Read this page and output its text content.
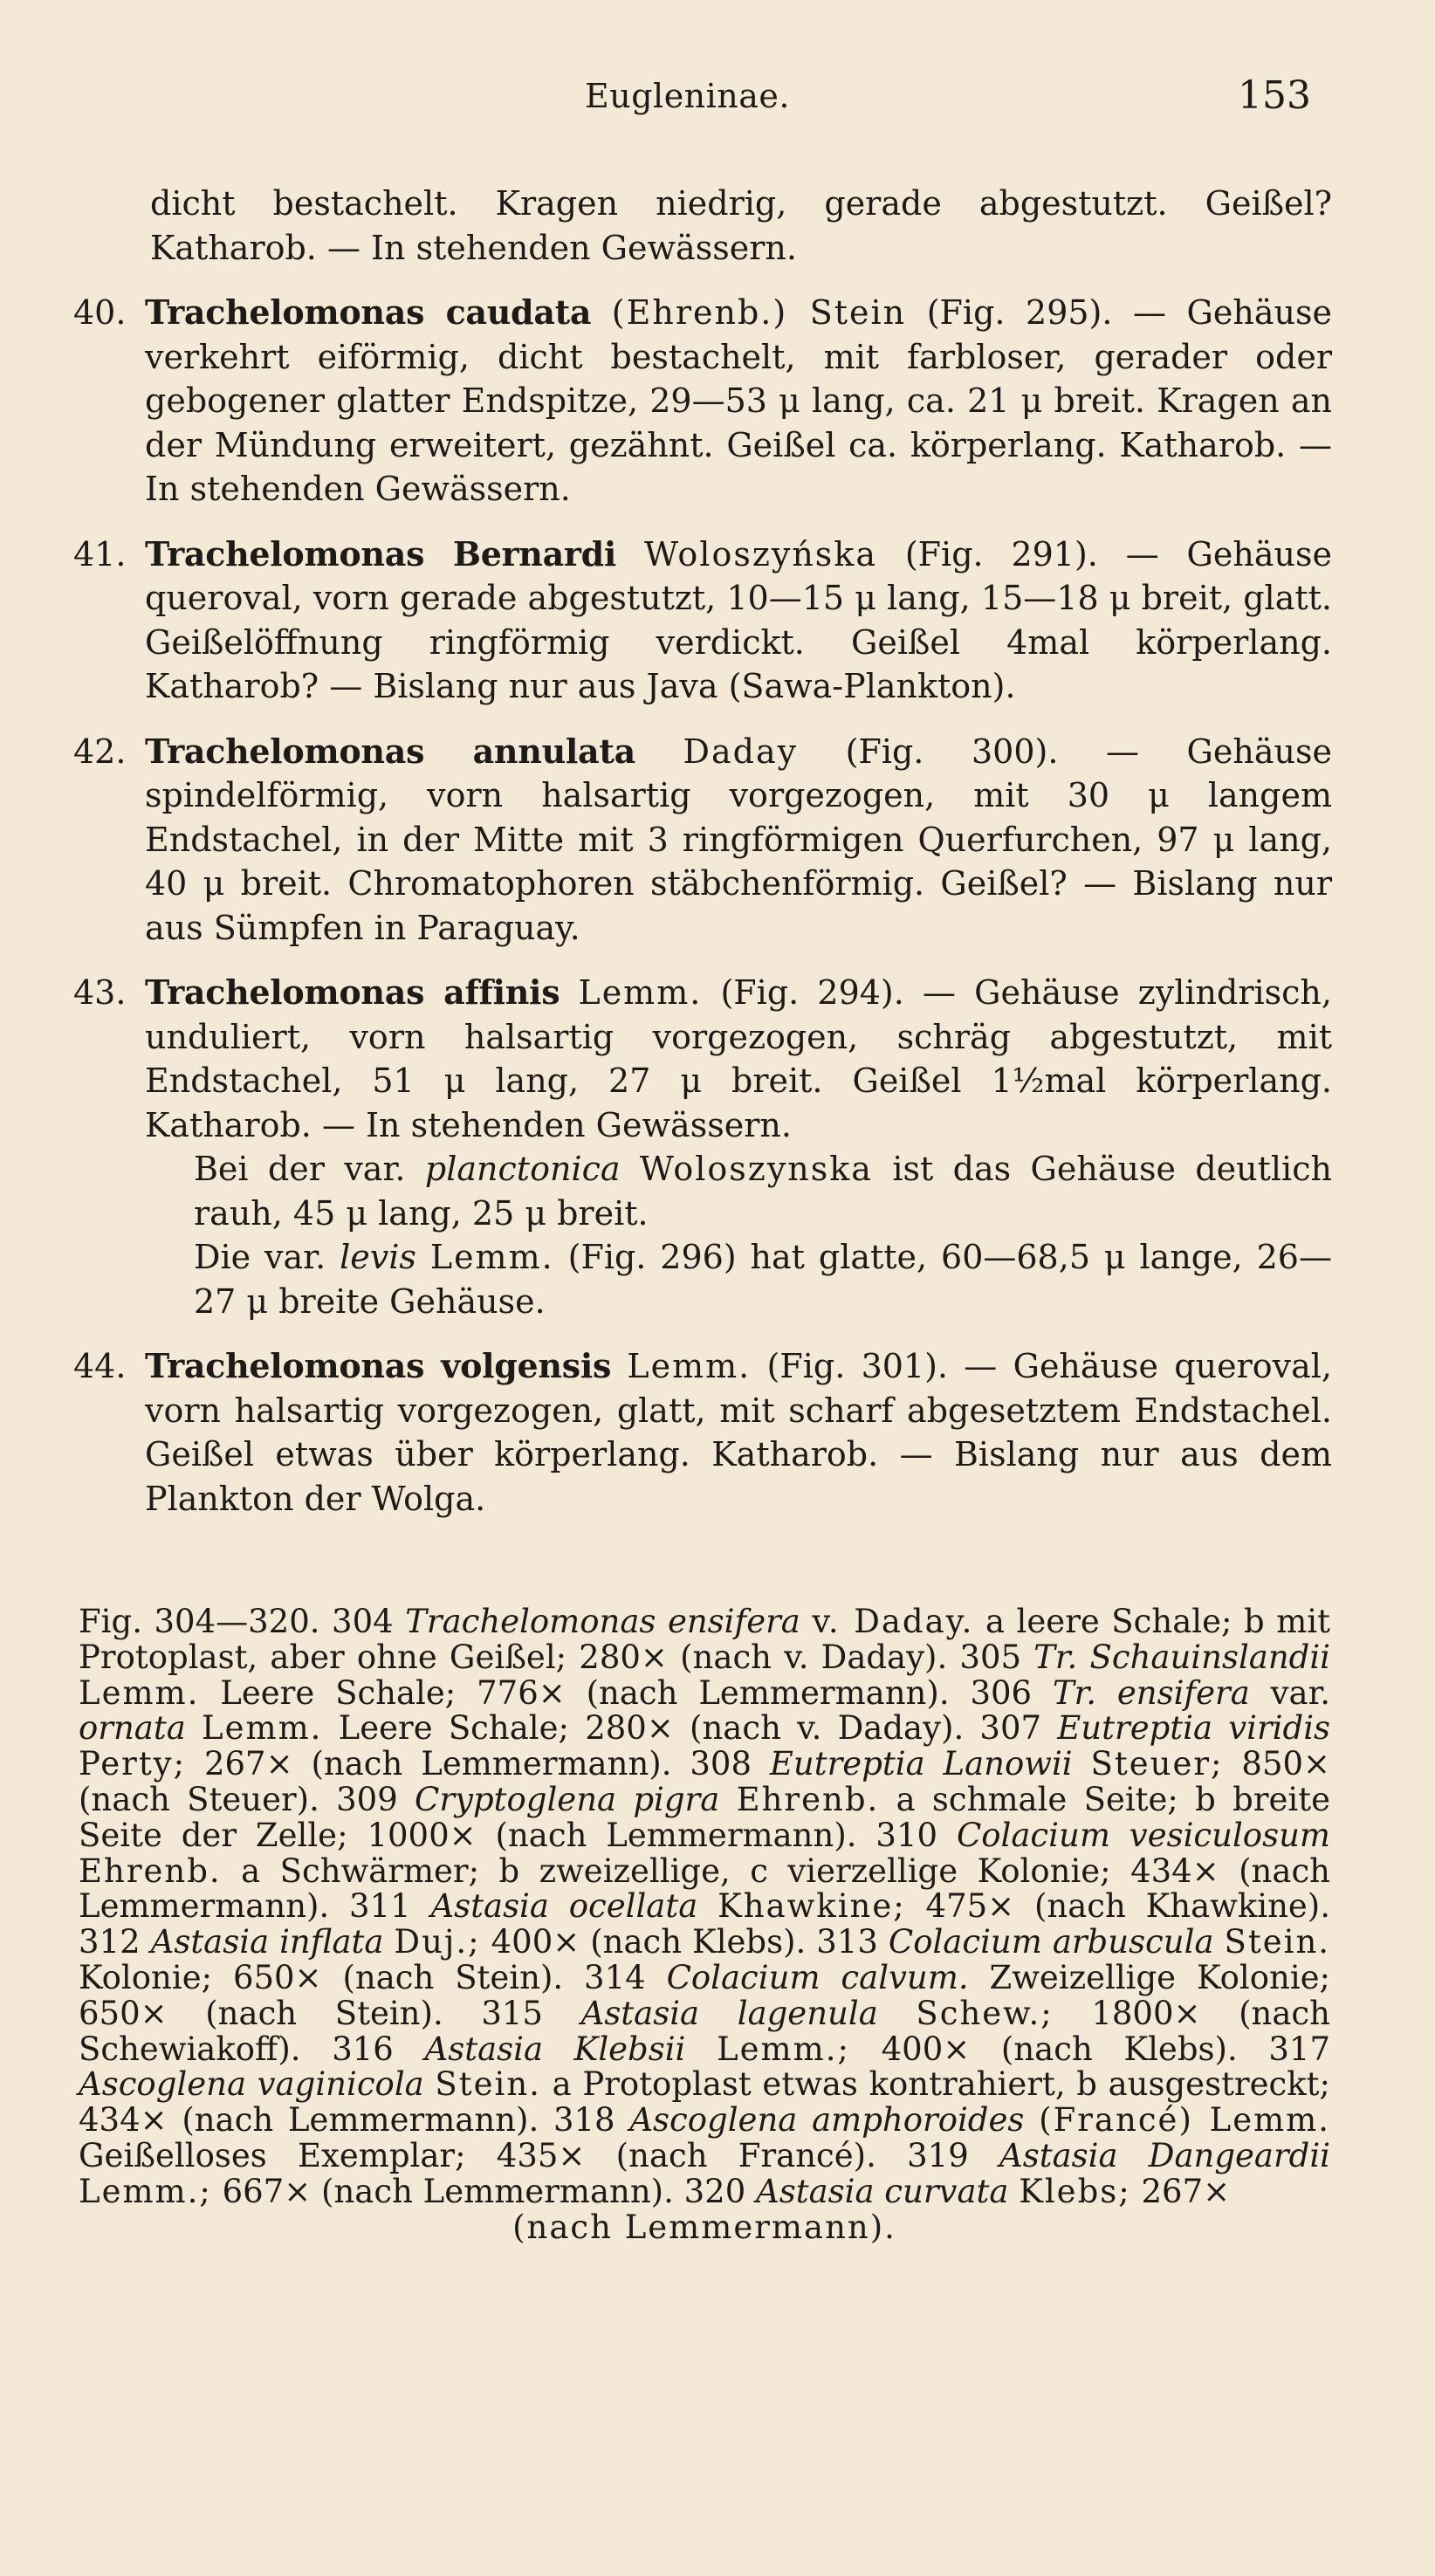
Eugleninae.	153

dicht bestachelt. Kragen niedrig, gerade abgestutzt. Geißel? Katharob. — In stehenden Gewässern.

40. Trachelomonas caudata (Ehrenb.) Stein (Fig. 295). — Gehäuse verkehrt eiförmig, dicht bestachelt, mit farbloser, gerader oder gebogener glatter Endspitze, 29—53 μ lang, ca. 21 μ breit. Kragen an der Mündung erweitert, gezähnt. Geißel ca. körperlang. Katharob. — In stehenden Gewässern.

41. Trachelomonas Bernardi Woloszyńska (Fig. 291). — Gehäuse queroval, vorn gerade abgestutzt, 10—15 μ lang, 15—18 μ breit, glatt. Geißelöffnung ringförmig verdickt. Geißel 4mal körperlang. Katharob? — Bislang nur aus Java (Sawa-Plankton).

42. Trachelomonas annulata Daday (Fig. 300). — Gehäuse spindelförmig, vorn halsartig vorgezogen, mit 30 μ langem Endstachel, in der Mitte mit 3 ringförmigen Querfurchen, 97 μ lang, 40 μ breit. Chromatophoren stäbchenförmig. Geißel? — Bislang nur aus Sümpfen in Paraguay.

43. Trachelomonas affinis Lemm. (Fig. 294). — Gehäuse zylindrisch, unduliert, vorn halsartig vorgezogen, schräg abgestutzt, mit Endstachel, 51 μ lang, 27 μ breit. Geißel 1½mal körperlang. Katharob. — In stehenden Gewässern.

Bei der var. planctonica Woloszynska ist das Gehäuse deutlich rauh, 45 μ lang, 25 μ breit.

Die var. levis Lemm. (Fig. 296) hat glatte, 60—68,5 μ lange, 26—27 μ breite Gehäuse.

44. Trachelomonas volgensis Lemm. (Fig. 301). — Gehäuse queroval, vorn halsartig vorgezogen, glatt, mit scharf abgesetztem Endstachel. Geißel etwas über körperlang. Katharob. — Bislang nur aus dem Plankton der Wolga.

Fig. 304—320. 304 Trachelomonas ensifera v. Daday. a leere Schale; b mit Protoplast, aber ohne Geißel; 280× (nach v. Daday). 305 Tr. Schauinslandii Lemm. Leere Schale; 776× (nach Lemmermann). 306 Tr. ensifera var. ornata Lemm. Leere Schale; 280× (nach v. Daday). 307 Eutreptia viridis Perty; 267× (nach Lemmermann). 308 Eutreptia Lanowii Steuer; 850× (nach Steuer). 309 Cryptoglena pigra Ehrenb. a schmale Seite; b breite Seite der Zelle; 1000× (nach Lemmermann). 310 Colacium vesiculosum Ehrenb. a Schwärmer; b zweizellige, c vierzellige Kolonie; 434× (nach Lemmermann). 311 Astasia ocellata Khawkine; 475× (nach Khawkine). 312 Astasia inflata Duj.; 400× (nach Klebs). 313 Colacium arbuscula Stein. Kolonie; 650× (nach Stein). 314 Colacium calvum. Zweizellige Kolonie; 650× (nach Stein). 315 Astasia lagenula Schew.; 1800× (nach Schewiakoff). 316 Astasia Klebsii Lemm.; 400× (nach Klebs). 317 Ascoglena vaginicola Stein. a Protoplast etwas kontrahiert, b ausgestreckt; 434× (nach Lemmermann). 318 Ascoglena amphoroides (Francé) Lemm. Geißelloses Exemplar; 435× (nach Francé). 319 Astasia Dangeardii Lemm.; 667× (nach Lemmermann). 320 Astasia curvata Klebs; 267×
(nach Lemmermann).
